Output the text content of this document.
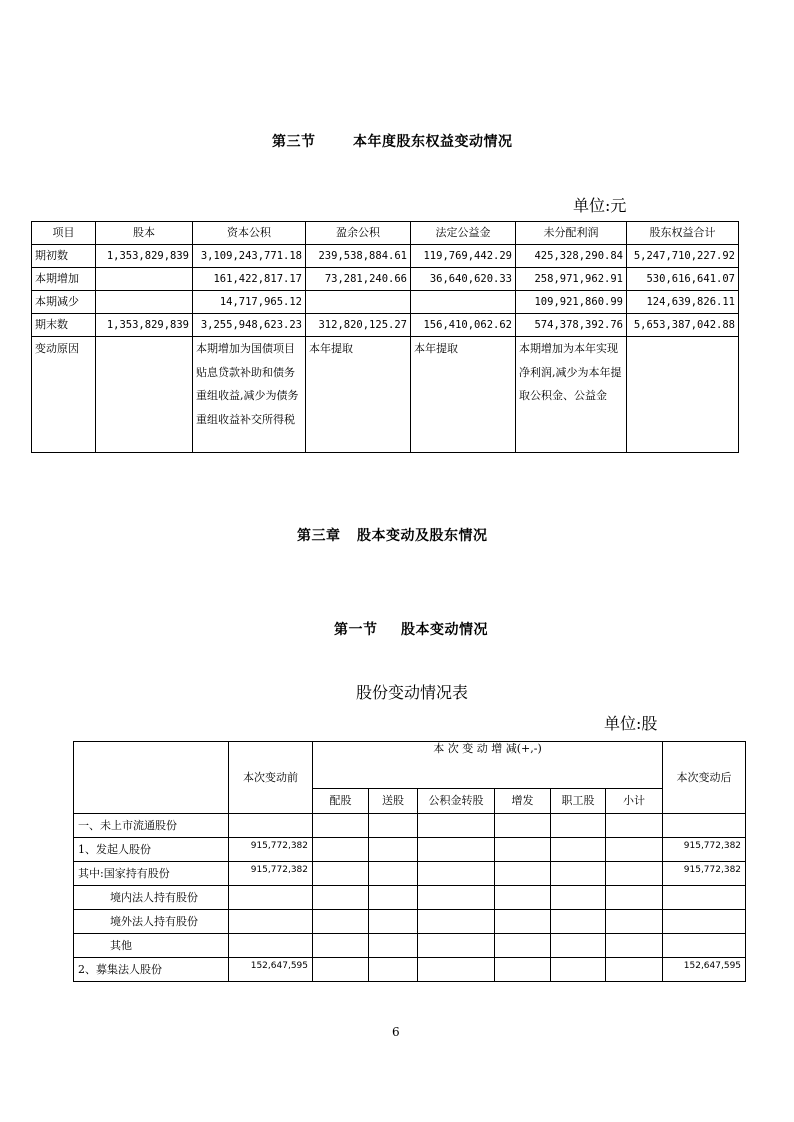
第三节	本年度股东权益变动情况
单位:元
项目	股本	资本公积	盈余公积	法定公益金	未分配利润	股东权益合计
期初数	1,353,829,839	3,109,243,771.18	239,538,884.61	119,769,442.29	425,328,290.84	5,247,710,227.92
本期增加		161,422,817.17	73,281,240.66	36,640,620.33	258,971,962.91	530,616,641.07
本期减少		14,717,965.12			109,921,860.99	124,639,826.11
期末数	1,353,829,839	3,255,948,623.23	312,820,125.27	156,410,062.62	574,378,392.76	5,653,387,042.88
变动原因		本期增加为国债项目贴息贷款补助和债务重组收益,减少为债务重组收益补交所得税	本年提取	本年提取	本期增加为本年实现净利润,减少为本年提取公积金、公益金	
第三章 股本变动及股东情况
第一节 股本变动情况
股份变动情况表
单位:股
	本次变动前	本 次 变 动 增 减(+,-)						本次变动后
		配股	送股	公积金转股	增发	职工股	小计	
一、未上市流通股份								
1、发起人股份	915,772,382							915,772,382
其中:国家持有股份	915,772,382							915,772,382
境内法人持有股份								
境外法人持有股份								
其他								
2、募集法人股份	152,647,595							152,647,595
6
